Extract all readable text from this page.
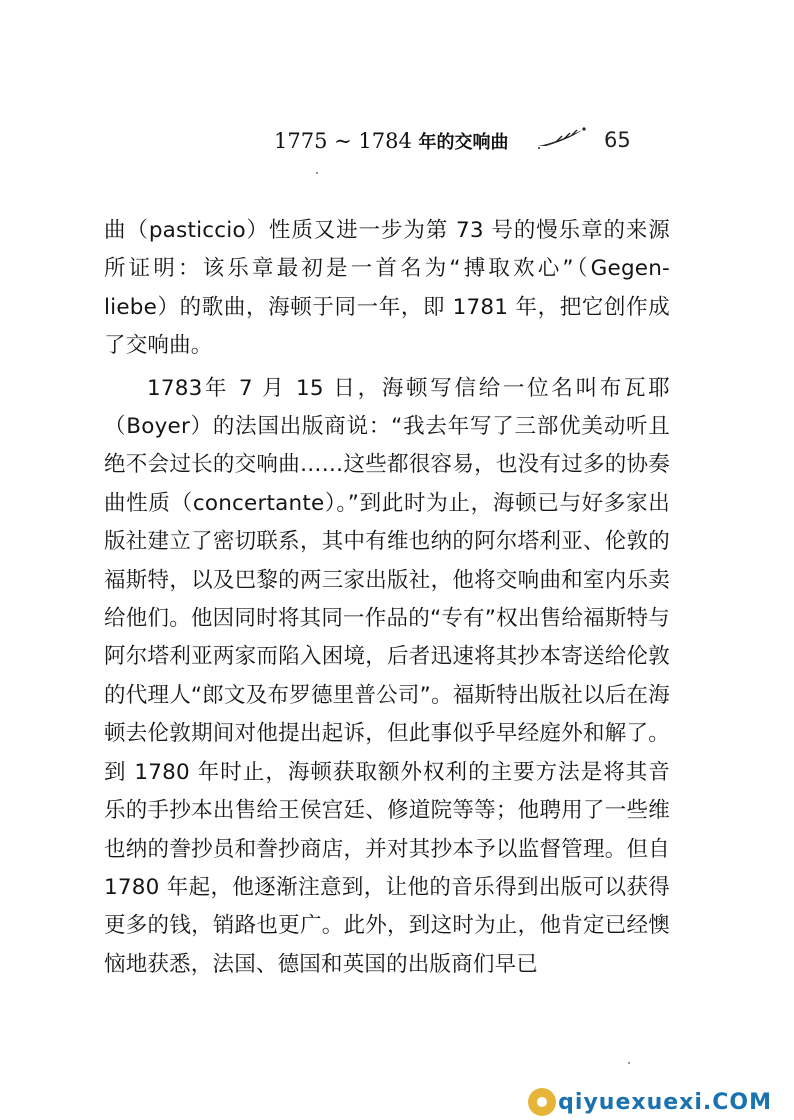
1775 ~ 1784 年的交响曲	65

曲（pasticcio）性质又进一步为第 73 号的慢乐章的来源所证明：该乐章最初是一首名为“搏取欢心”（Gegen-liebe）的歌曲，海顿于同一年，即 1781 年，把它创作成了交响曲。

1783年 7 月 15 日，海顿写信给一位名叫布瓦耶（Boyer）的法国出版商说：“我去年写了三部优美动听且绝不会过长的交响曲……这些都很容易，也没有过多的协奏曲性质（concertante）。”到此时为止，海顿已与好多家出版社建立了密切联系，其中有维也纳的阿尔塔利亚、伦敦的福斯特，以及巴黎的两三家出版社，他将交响曲和室内乐卖给他们。他因同时将其同一作品的“专有”权出售给福斯特与阿尔塔利亚两家而陷入困境，后者迅速将其抄本寄送给伦敦的代理人“郎文及布罗德里普公司”。福斯特出版社以后在海顿去伦敦期间对他提出起诉，但此事似乎早经庭外和解了。到 1780 年时止，海顿获取额外权利的主要方法是将其音乐的手抄本出售给王侯宫廷、修道院等等；他聘用了一些维也纳的誊抄员和誊抄商店，并对其抄本予以监督管理。但自1780 年起，他逐渐注意到，让他的音乐得到出版可以获得更多的钱，销路也更广。此外，到这时为止，他肯定已经懊恼地获悉，法国、德国和英国的出版商们早已

qiyuexuexi.COM
